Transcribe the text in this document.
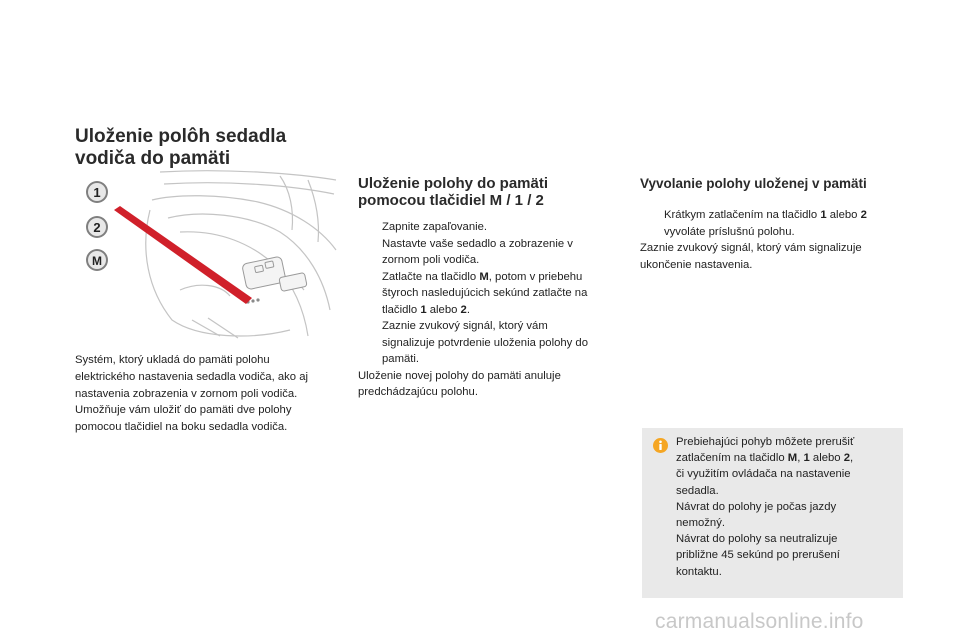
Uloženie polôh sedadla
vodiča do pamäti
1
2
M

Systém, ktorý ukladá do pamäti polohu
elektrického nastavenia sedadla vodiča, ako aj
nastavenia zobrazenia v zornom poli vodiča.
Umožňuje vám uložiť do pamäti dve polohy
pomocou tlačidiel na boku sedadla vodiča.

Uloženie polohy do pamäti
pomocou tlačidiel M / 1 / 2
Zapnite zapaľovanie.
Nastavte vaše sedadlo a zobrazenie v
zornom poli vodiča.
Zatlačte na tlačidlo M, potom v priebehu
štyroch nasledujúcich sekúnd zatlačte na
tlačidlo 1 alebo 2.
Zaznie zvukový signál, ktorý vám
signalizuje potvrdenie uloženia polohy do
pamäti.

Uloženie novej polohy do pamäti anuluje
predchádzajúcu polohu.

Vyvolanie polohy uloženej v pamäti
Krátkym zatlačením na tlačidlo 1 alebo 2
vyvoláte príslušnú polohu.

Zaznie zvukový signál, ktorý vám signalizuje
ukončenie nastavenia.

Prebiehajúci pohyb môžete prerušiť
zatlačením na tlačidlo M, 1 alebo 2,
či využitím ovládača na nastavenie
sedadla.
Návrat do polohy je počas jazdy
nemožný.
Návrat do polohy sa neutralizuje
približne 45 sekúnd po prerušení
kontaktu.

carmanualsonline.info
